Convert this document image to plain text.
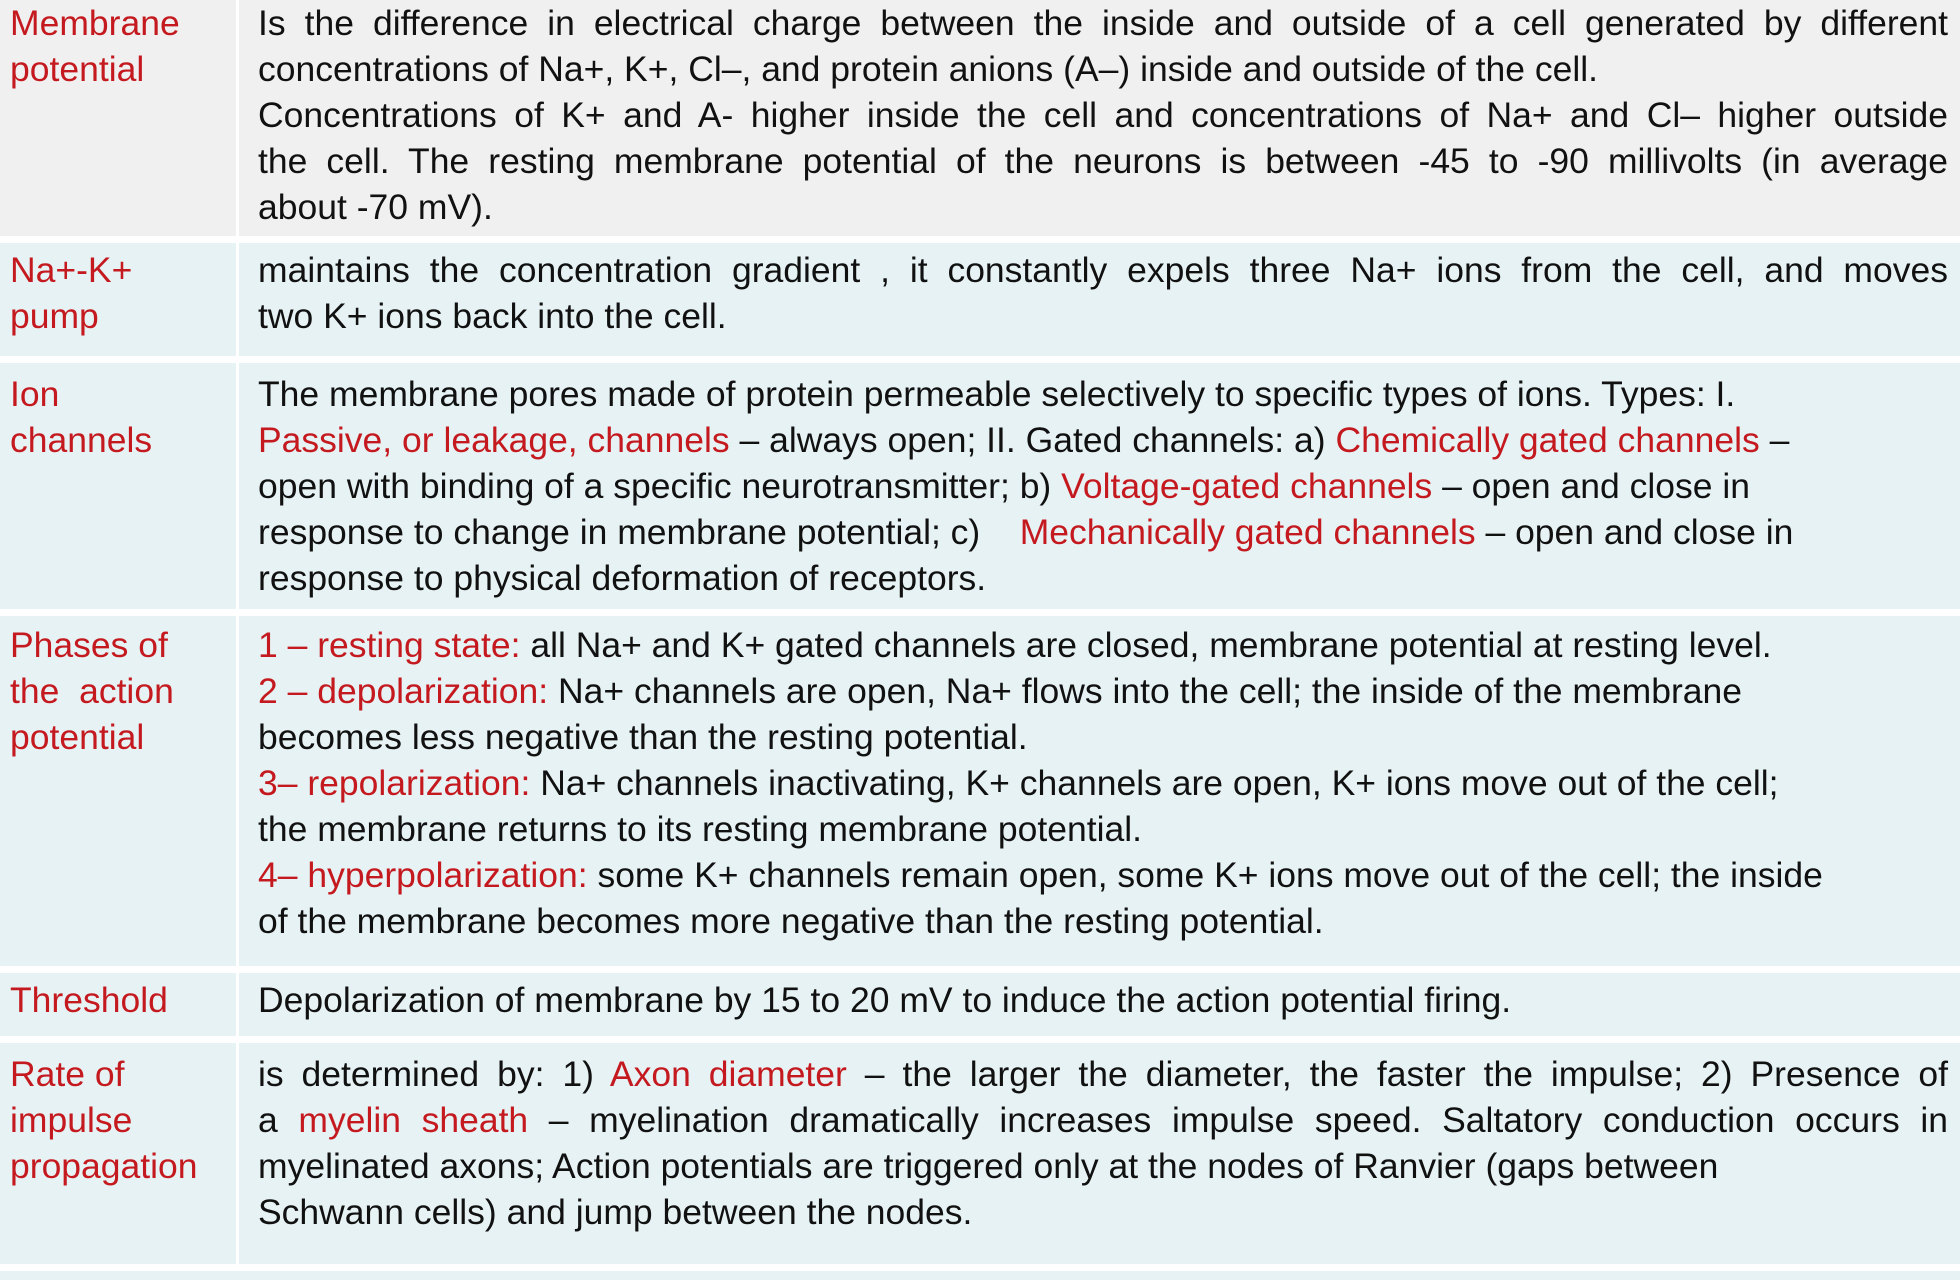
Membrane
potential
Is the difference in electrical charge between the inside and outside of a cell generated by different
concentrations of Na+, K+, Cl–, and protein anions (A–) inside and outside of the cell.
Concentrations of K+ and A- higher inside the cell and concentrations of Na+ and Cl– higher outside
the cell. The resting membrane potential of the neurons is between -45 to -90 millivolts (in average
about -70 mV).
Na+-K+
pump
maintains the concentration gradient , it constantly expels three Na+ ions from the cell, and moves
two K+ ions back into the cell.
Ion
channels
The membrane pores made of protein permeable selectively to specific types of ions. Types: I.
Passive, or leakage, channels – always open; II. Gated channels: a) Chemically gated channels –
open with binding of a specific neurotransmitter; b) Voltage-gated channels – open and close in
response to change in membrane potential; c)    Mechanically gated channels – open and close in
response to physical deformation of receptors.
Phases of
the  action
potential
1 – resting state: all Na+ and K+ gated channels are closed, membrane potential at resting level.
2 – depolarization: Na+ channels are open, Na+ flows into the cell; the inside of the membrane
becomes less negative than the resting potential.
3– repolarization: Na+ channels inactivating, K+ channels are open, K+ ions move out of the cell;
the membrane returns to its resting membrane potential.
4– hyperpolarization: some K+ channels remain open, some K+ ions move out of the cell; the inside
of the membrane becomes more negative than the resting potential.
Threshold	Depolarization of membrane by 15 to 20 mV to induce the action potential firing.
Rate of
impulse
propagation
is determined by: 1) Axon diameter – the larger the diameter, the faster the impulse; 2) Presence of
a myelin sheath – myelination dramatically increases impulse speed. Saltatory conduction occurs in
myelinated axons; Action potentials are triggered only at the nodes of Ranvier (gaps between
Schwann cells) and jump between the nodes.
